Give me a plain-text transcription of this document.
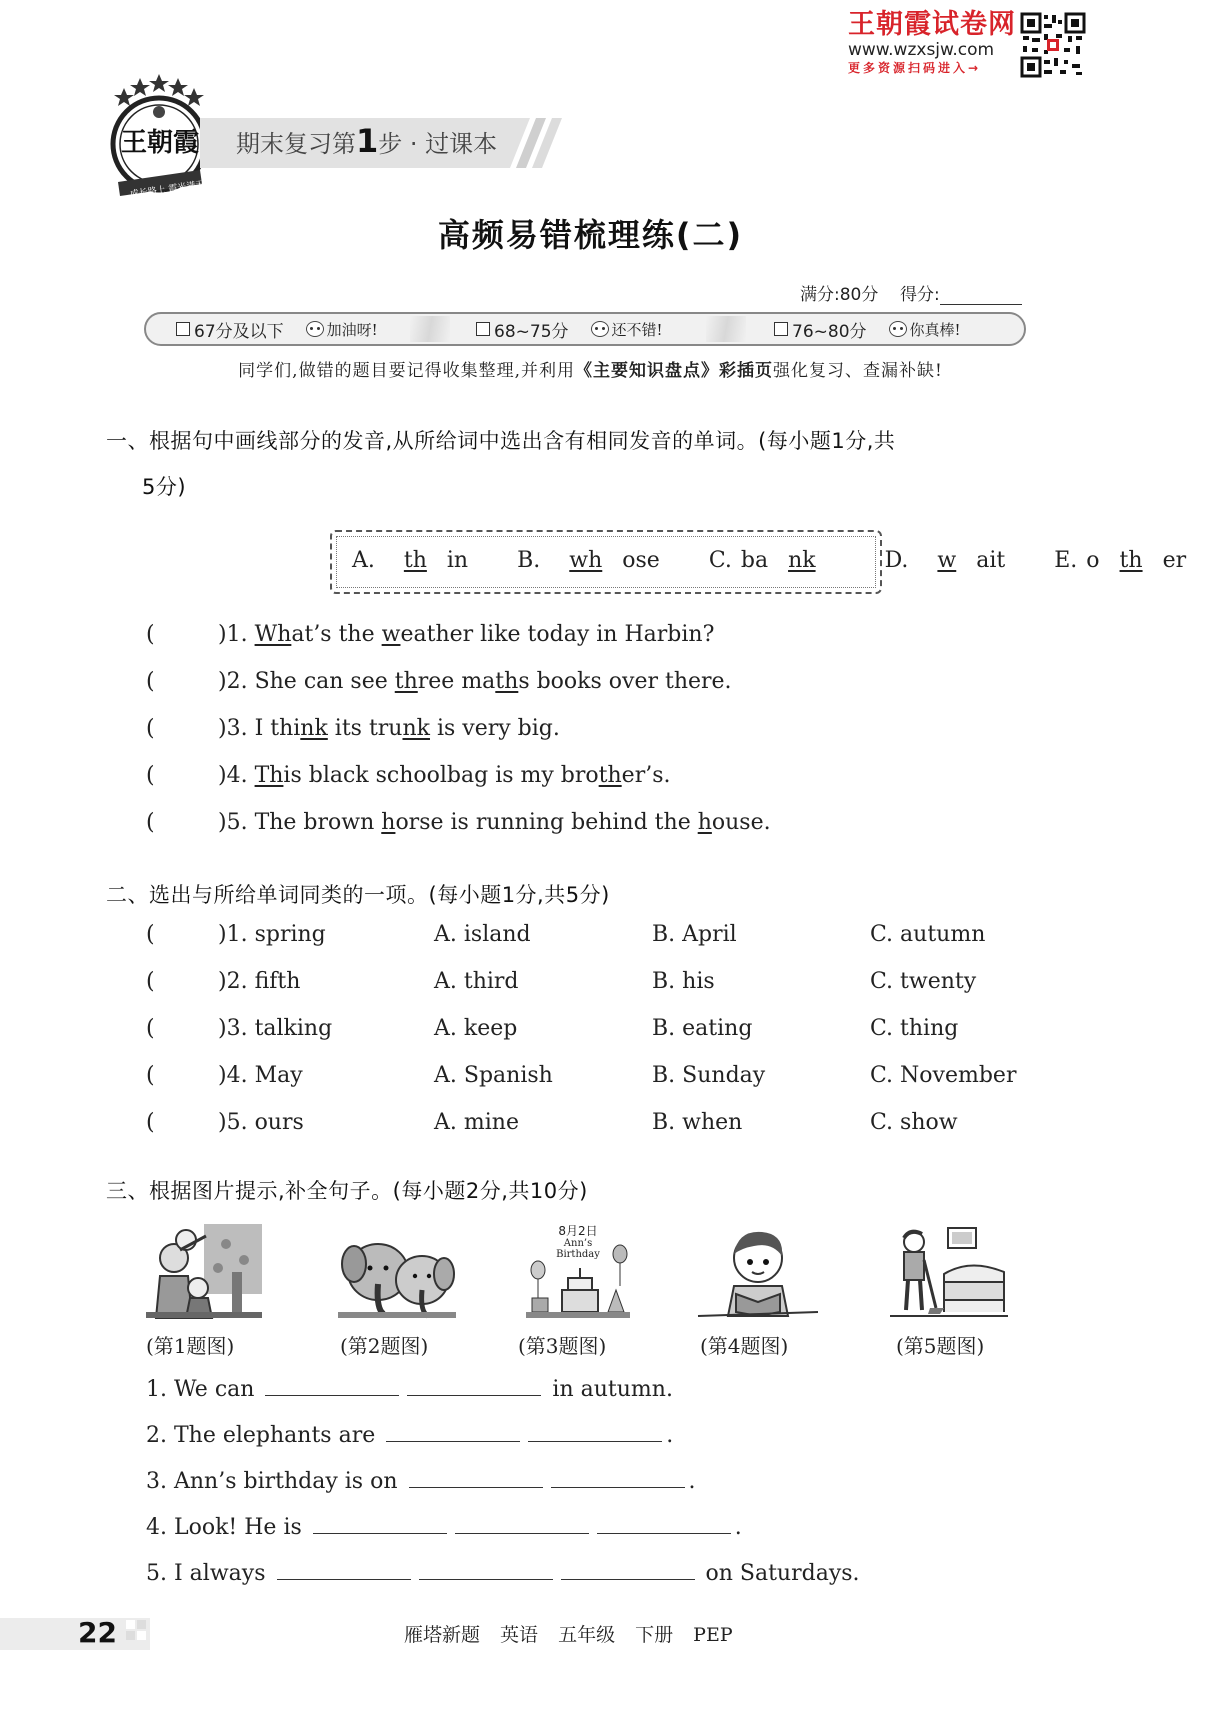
王朝霞试卷网
www.wzxsjw.com
更多资源扫码进入→
王朝霞
成长路上 霞光满天
期末复习第1步 · 过课本
高频易错梳理练(二)
满分:80分 得分:
67分及以下	加油呀!	68~75分	还不错!	76~80分	你真棒!
同学们,做错的题目要记得收集整理,并利用《主要知识盘点》彩插页强化复习、查漏补缺!
一、根据句中画线部分的发音,从所给词中选出含有相同发音的单词。(每小题1分,共
5分)
A. th in B. wh ose C. ba nk	D. w ait E. o th er
(	)1. What’s the weather like today in Harbin?
(	)2. She can see three maths books over there.
(	)3. I think its trunk is very big.
(	)4. This black schoolbag is my brother’s.
(	)5. The brown horse is running behind the house.
二、选出与所给单词同类的一项。(每小题1分,共5分)
(	)1. spring	A. island	B. April	C. autumn
(	)2. fifth	A. third	B. his	C. twenty
(	)3. talking	A. keep	B. eating	C. thing
(	)4. May	A. Spanish	B. Sunday	C. November
(	)5. ours	A. mine	B. when	C. show
三、根据图片提示,补全句子。(每小题2分,共10分)
8月2日
Ann’s
Birthday
(第1题图)	(第2题图)	(第3题图)	(第4题图)	(第5题图)
1. We can	in autumn.
2. The elephants are	.
3. Ann’s birthday is on	.
4. Look! He is	.
5. I always	on Saturdays.
22	雁塔新题 英语 五年级 下册 PEP
